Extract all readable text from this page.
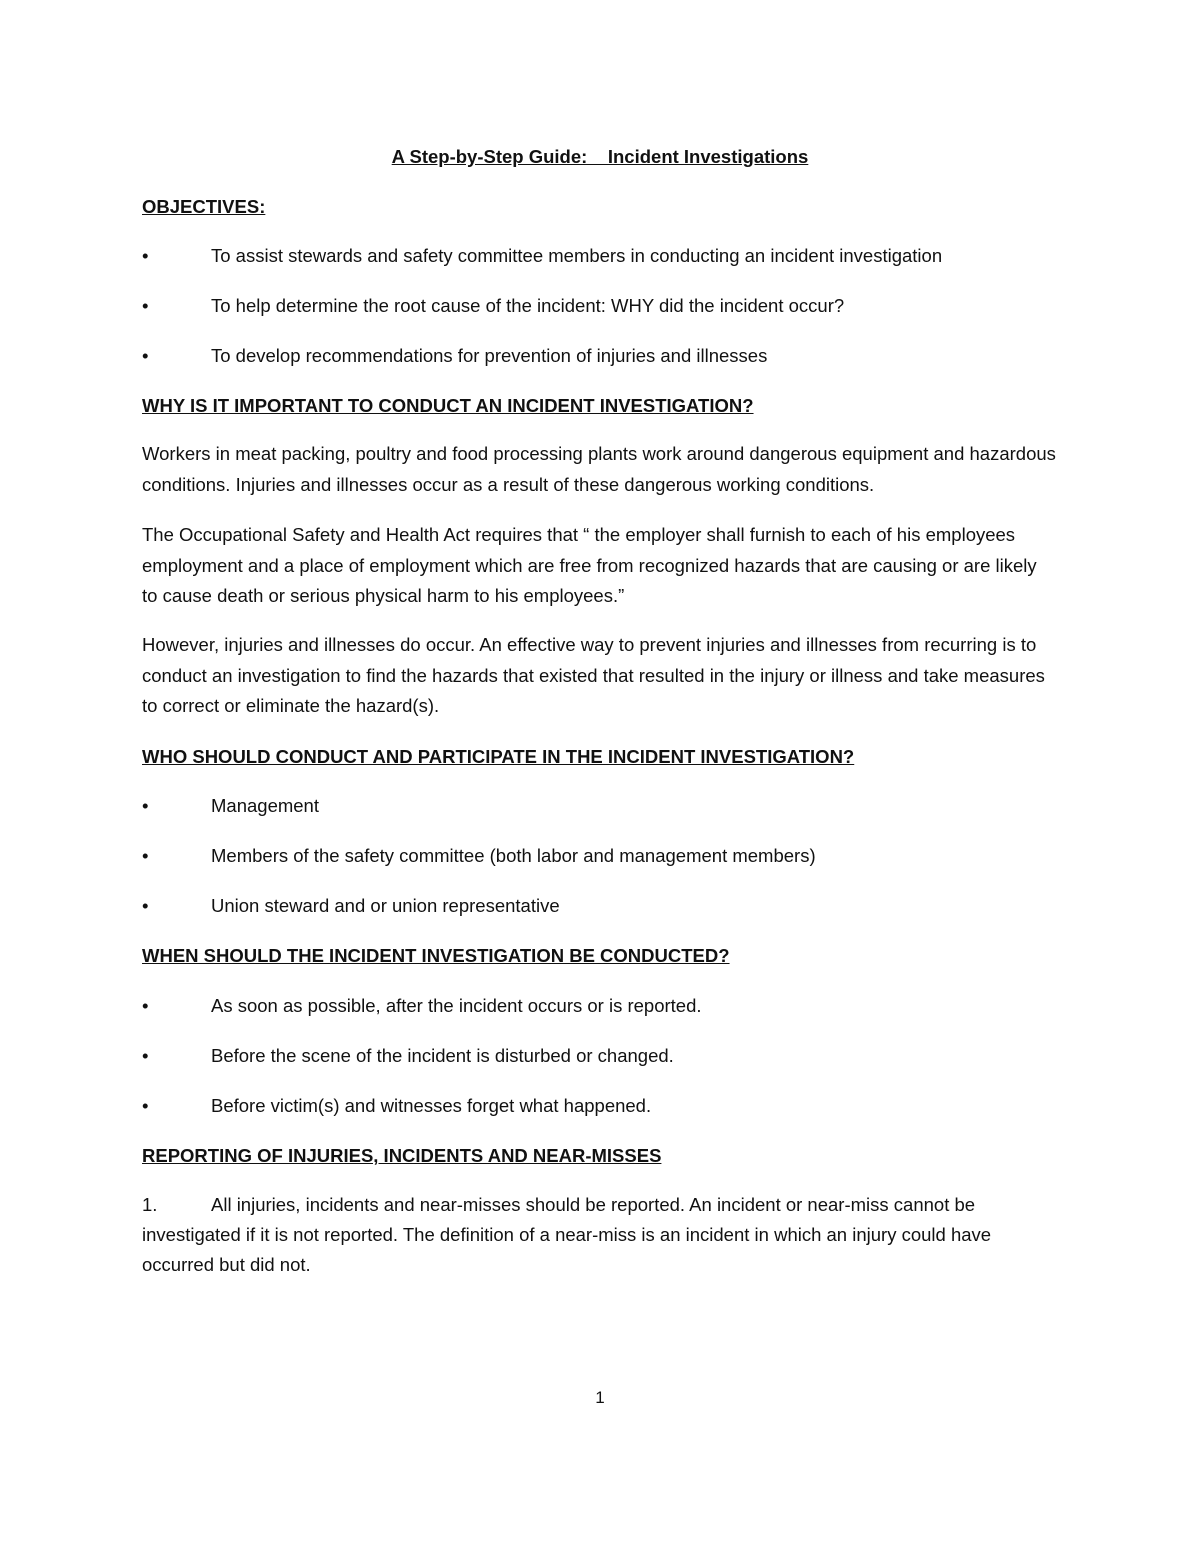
A Step-by-Step Guide:    Incident Investigations
OBJECTIVES:
•	To assist stewards and safety committee members in conducting an incident investigation
•	To help determine the root cause of the incident: WHY did the incident occur?
•	To develop recommendations for prevention of injuries and illnesses
WHY IS IT IMPORTANT TO CONDUCT AN INCIDENT INVESTIGATION?
Workers in meat packing, poultry and food processing plants work around dangerous equipment and hazardous conditions. Injuries and illnesses occur as a result of these dangerous working conditions.
The Occupational Safety and Health Act requires that “ the employer shall furnish to each of his employees employment and a place of employment which are free from recognized hazards that are causing or are likely to cause death or serious physical harm to his employees.”
However, injuries and illnesses do occur. An effective way to prevent injuries and illnesses from recurring is to conduct an investigation to find the hazards that existed that resulted in the injury or illness and take measures to correct or eliminate the hazard(s).
WHO SHOULD CONDUCT AND PARTICIPATE IN THE INCIDENT INVESTIGATION?
•	Management
•	Members of the safety committee (both labor and management members)
•	Union steward and or union representative
WHEN SHOULD THE INCIDENT INVESTIGATION BE CONDUCTED?
•	As soon as possible, after the incident occurs or is reported.
•	Before the scene of the incident is disturbed or changed.
•	Before victim(s) and witnesses forget what happened.
REPORTING OF INJURIES, INCIDENTS AND NEAR-MISSES
1.	All injuries, incidents and near-misses should be reported. An incident or near-miss cannot be investigated if it is not reported. The definition of a near-miss is an incident in which an injury could have occurred but did not.
1
